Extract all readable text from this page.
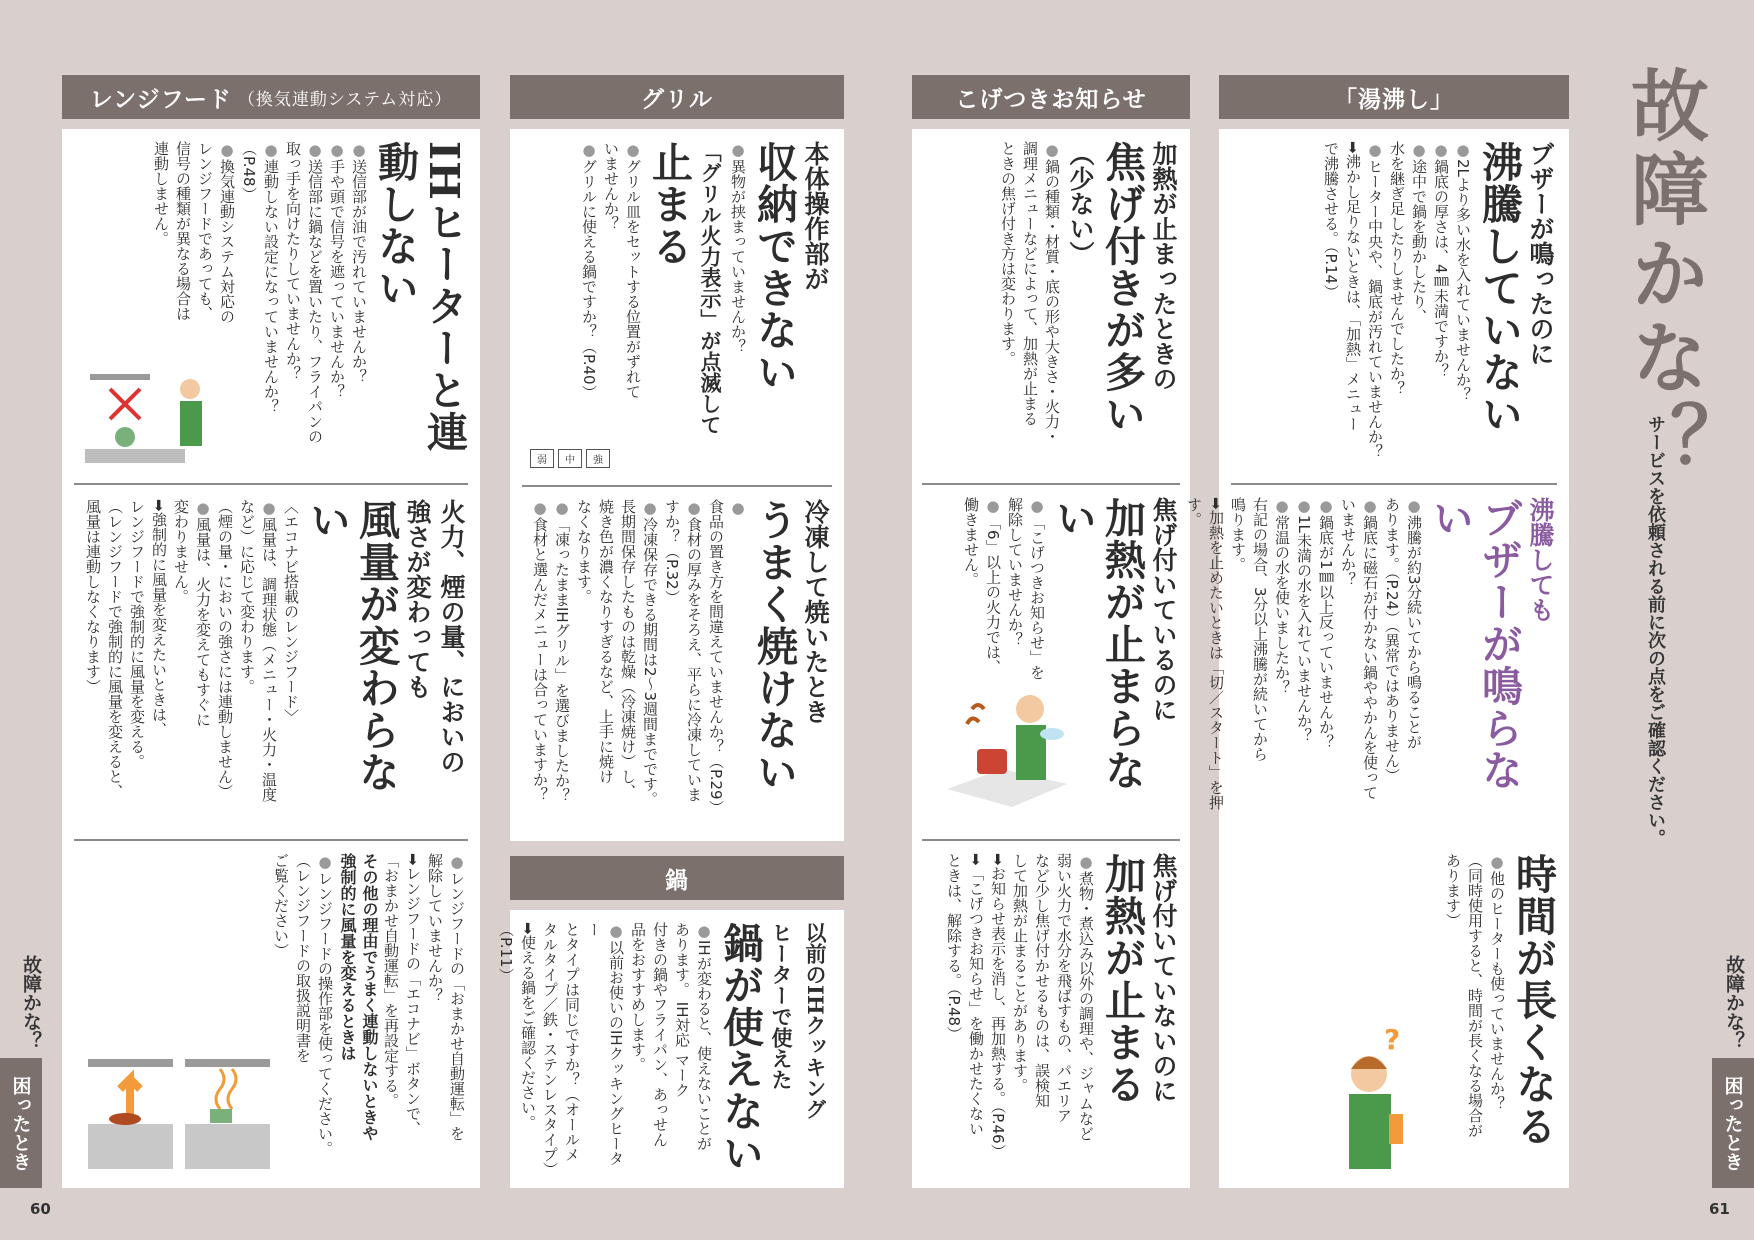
レンジフード （換気連動システム対応）

IHヒーターと連動しない

● 送信部が油で汚れていませんか？

● 手や頭で信号を遮っていませんか？

● 送信部に鍋などを置いたり、フライパンの

取っ手を向けたりしていませんか？

● 連動しない設定になっていませんか？

（P.48）

● 換気連動システム対応の

レンジフードであっても、

信号の種類が異なる場合は

連動しません。

火力、煙の量、においの

強さが変わっても

風量が変わらない

〈エコナビ搭載のレンジフード〉

● 風量は、調理状態（メニュー・火力・温度

など）に応じて変わります。

（煙の量・においの強さには連動しません）

● 風量は、火力を変えてもすぐに

変わりません。

➡ 強制的に風量を変えたいときは、

レンジフードで強制的に風量を変える。

（レンジフードで強制的に風量を変えると、

風量は連動しなくなります）

● レンジフードの「おまかせ自動運転」を

解除していませんか？

➡ レンジフードの「エコナビ」ボタンで、

「おまかせ自動運転」を再設定する。

その他の理由でうまく連動しないときや

強制的に風量を変えるときは

● レンジフードの操作部を使ってください。

（レンジフードの取扱説明書を

ご覧ください）

グリル

本体操作部が

収納できない

● 異物が挟まっていませんか？

「グリル火力表示」が点滅して

止まる

● グリル皿をセットする位置がずれて

いませんか？

● グリルに使える鍋ですか？（P.40）

弱	中	強

冷凍して焼いたとき

うまく焼けない

● 食品の置き方を間違えていませんか？（P.29）

● 食材の厚みをそろえ、平らに冷凍していま

すか？（P.32）

● 冷凍保存できる期間は2〜3週間までです。

長期間保存したものは乾燥（冷凍焼け）し、

焼き色が濃くなりすぎるなど、上手に焼け

なくなります。

● 「凍ったままIHグリル」を選びましたか？

● 食材と選んだメニューは合っていますか？

鍋

以前のIHクッキング

ヒーターで使えた

鍋が使えない

● IHが変わると、使えないことが

あります。 IH対応 マーク

付きの鍋やフライパン、あっせん

品をおすすめします。

● 以前お使いのIHクッキングヒーター

とタイプは同じですか？（オールメ

タルタイプ／鉄・ステンレスタイプ）

➡ 使える鍋をご確認ください。

（P.11）

故障かな？
困ったとき
60
こげつきお知らせ

加熱が止まったときの

焦げ付きが多い

（少ない）

● 鍋の種類・材質・底の形や大きさ・火力・

調理メニューなどによって、加熱が止まる

ときの焦げ付き方は変わります。

焦げ付いているのに

加熱が止まらない

● 「こげつきお知らせ」を

解除していませんか？

● 「6」以上の火力では、

働きません。

焦げ付いていないのに

加熱が止まる

● 煮物・煮込み以外の調理や、ジャムなど

弱い火力で水分を飛ばすもの、パエリア

など少し焦げ付かせるものは、誤検知

して加熱が止まることがあります。

➡ お知らせ表示を消し、再加熱する。（P.46）

➡ 「こげつきお知らせ」を働かせたくない

ときは、解除する。（P.48）

「湯沸し」

ブザーが鳴ったのに

沸騰していない

● 2Lより多い水を入れていませんか？

● 鍋底の厚さは、4㎜未満ですか？

● 途中で鍋を動かしたり、

水を継ぎ足したりしませんでしたか？

● ヒーター中央や、鍋底が汚れていませんか？

➡ 沸かし足りないときは、「加熱」メニュー

で沸騰させる。（P.14）

沸騰しても

ブザーが鳴らない

● 沸騰が約3分続いてから鳴ることが

あります。（P.24）（異常ではありません）

● 鍋底に磁石が付かない鍋ややかんを使って

いませんか？

● 鍋底が1㎜以上反っていませんか？

● 1L未満の水を入れていませんか？

● 常温の水を使いましたか？

右記の場合、3分以上沸騰が続いてから

鳴ります。

➡ 加熱を止めたいときは「切／スタート」を押す。

時間が長くなる

● 他のヒーターも使っていませんか？

（同時使用すると、時間が長くなる場合が

あります）

?
故障かな？
サービスを依頼される前に次の点をご確認ください。
故障かな？
困ったとき
61
